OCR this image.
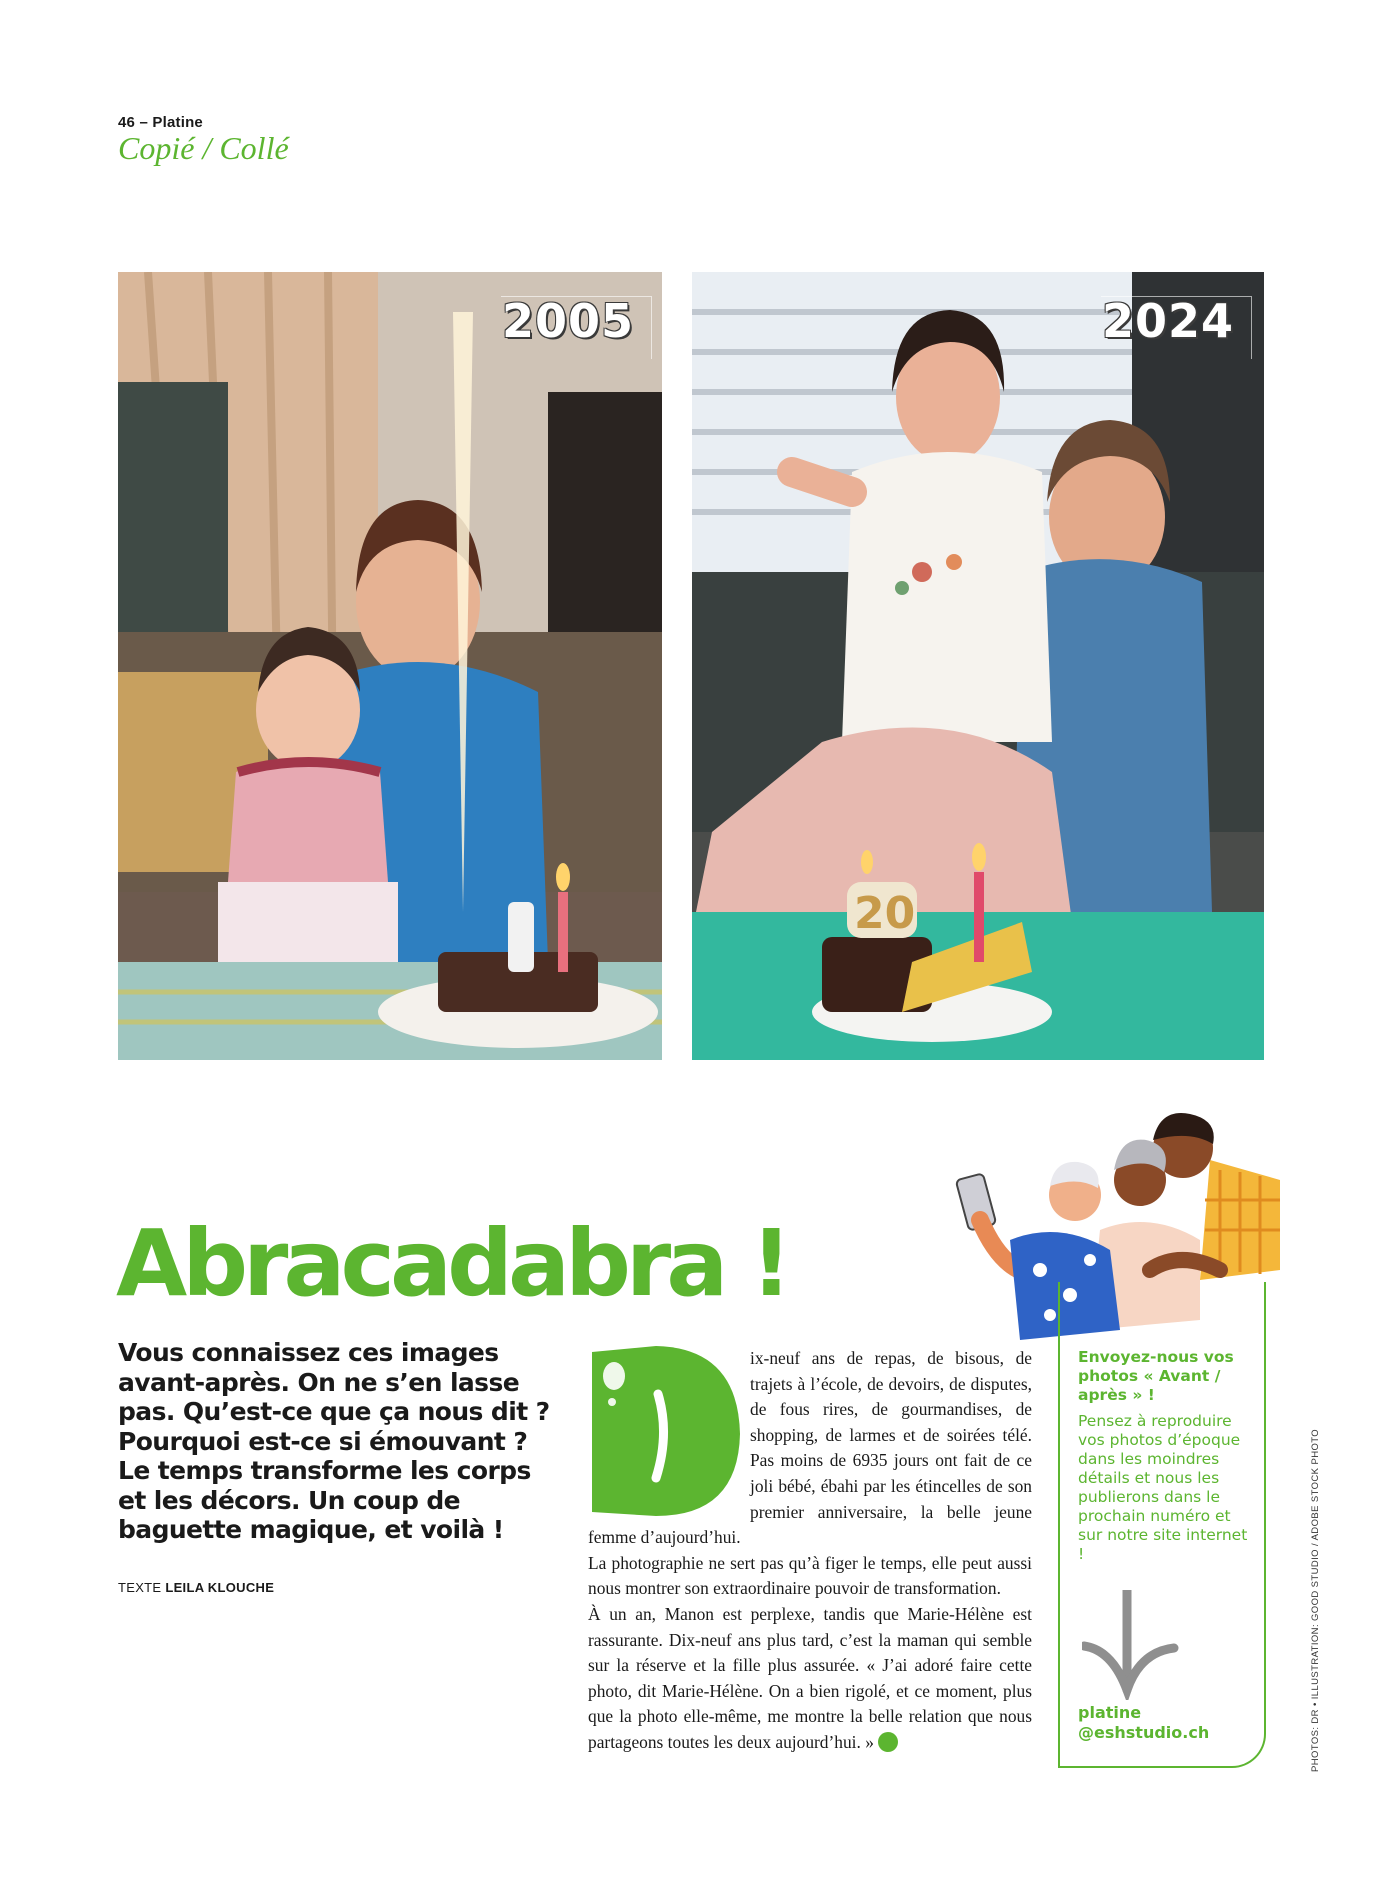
46 – Platine
Copié / Collé
2005
20
2024
Abracadabra !
Vous connaissez ces images avant-après. On ne s’en lasse pas. Qu’est-ce que ça nous dit ? Pourquoi est-ce si émouvant ? Le temps transforme les corps et les décors. Un coup de baguette magique, et voilà !
TEXTE LEILA KLOUCHE

ix-neuf ans de repas, de bisous, de trajets à l’école, de devoirs, de disputes, de fous rires, de gourmandises, de shopping, de larmes et de soirées télé. Pas moins de 6935 jours ont fait de ce joli bébé, ébahi par les étincelles de son premier anniversaire, la belle jeune femme d’aujourd’hui.

La photographie ne sert pas qu’à figer le temps, elle peut aussi nous montrer son extraordinaire pouvoir de transformation.

À un an, Manon est perplexe, tandis que Marie-Hélène est rassurante. Dix-neuf ans plus tard, c’est la maman qui semble sur la réserve et la fille plus assurée. « J’ai adoré faire cette photo, dit Marie-Hélène. On a bien rigolé, et ce moment, plus que la photo elle-même, me montre la belle relation que nous partageons toutes les deux aujourd’hui. »

Envoyez-nous vos photos « Avant / après » !
Pensez à reproduire vos photos d’époque dans les moindres détails et nous les publierons dans le prochain numéro et sur notre site internet !
platine
@eshstudio.ch	PHOTOS: DR • ILLUSTRATION: GOOD STUDIO / ADOBE STOCK PHOTO
